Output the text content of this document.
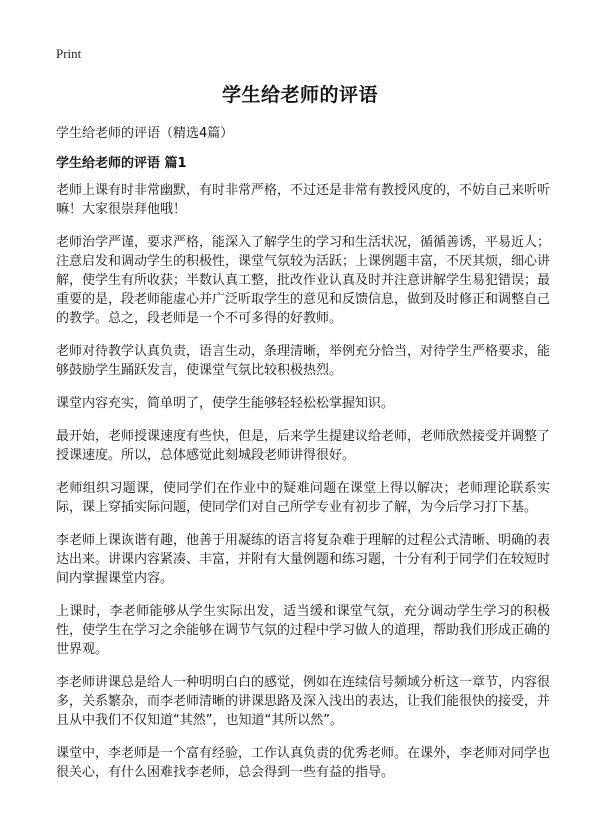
Print
学生给老师的评语

学生给老师的评语（精选4篇）

学生给老师的评语 篇1

老师上课有时非常幽默，有时非常严格，不过还是非常有教授风度的，不妨自己来听听嘛！大家很崇拜他哦！

老师治学严谨，要求严格，能深入了解学生的学习和生活状况，循循善诱，平易近人；注意启发和调动学生的积极性，课堂气氛较为活跃；上课例题丰富，不厌其烦，细心讲解，使学生有所收获；半数认真工整，批改作业认真及时并注意讲解学生易犯错误；最重要的是，段老师能虚心并广泛听取学生的意见和反馈信息，做到及时修正和调整自己的教学。总之，段老师是一个不可多得的好教师。

老师对待教学认真负责，语言生动，条理清晰，举例充分恰当，对待学生严格要求，能够鼓励学生踊跃发言，使课堂气氛比较积极热烈。

课堂内容充实，简单明了，使学生能够轻轻松松掌握知识。

最开始，老师授课速度有些快，但是，后来学生提建议给老师，老师欣然接受并调整了授课速度。所以，总体感觉此刻城段老师讲得很好。

老师组织习题课，使同学们在作业中的疑难问题在课堂上得以解决；老师理论联系实际，课上穿插实际问题，使同学们对自己所学专业有初步了解，为今后学习打下基。

李老师上课诙谐有趣，他善于用凝练的语言将复杂难于理解的过程公式清晰、明确的表达出来。讲课内容紧凑、丰富，并附有大量例题和练习题，十分有利于同学们在较短时间内掌握课堂内容。

上课时，李老师能够从学生实际出发，适当缓和课堂气氛，充分调动学生学习的积极性，使学生在学习之余能够在调节气氛的过程中学习做人的道理，帮助我们形成正确的世界观。

李老师讲课总是给人一种明明白白的感觉，例如在连续信号频域分析这一章节，内容很多，关系繁杂，而李老师清晰的讲课思路及深入浅出的表达，让我们能很快的接受，并且从中我们不仅知道“其然”，也知道“其所以然”。

课堂中，李老师是一个富有经验，工作认真负责的优秀老师。在课外，李老师对同学也很关心，有什么困难找李老师，总会得到一些有益的指导。
